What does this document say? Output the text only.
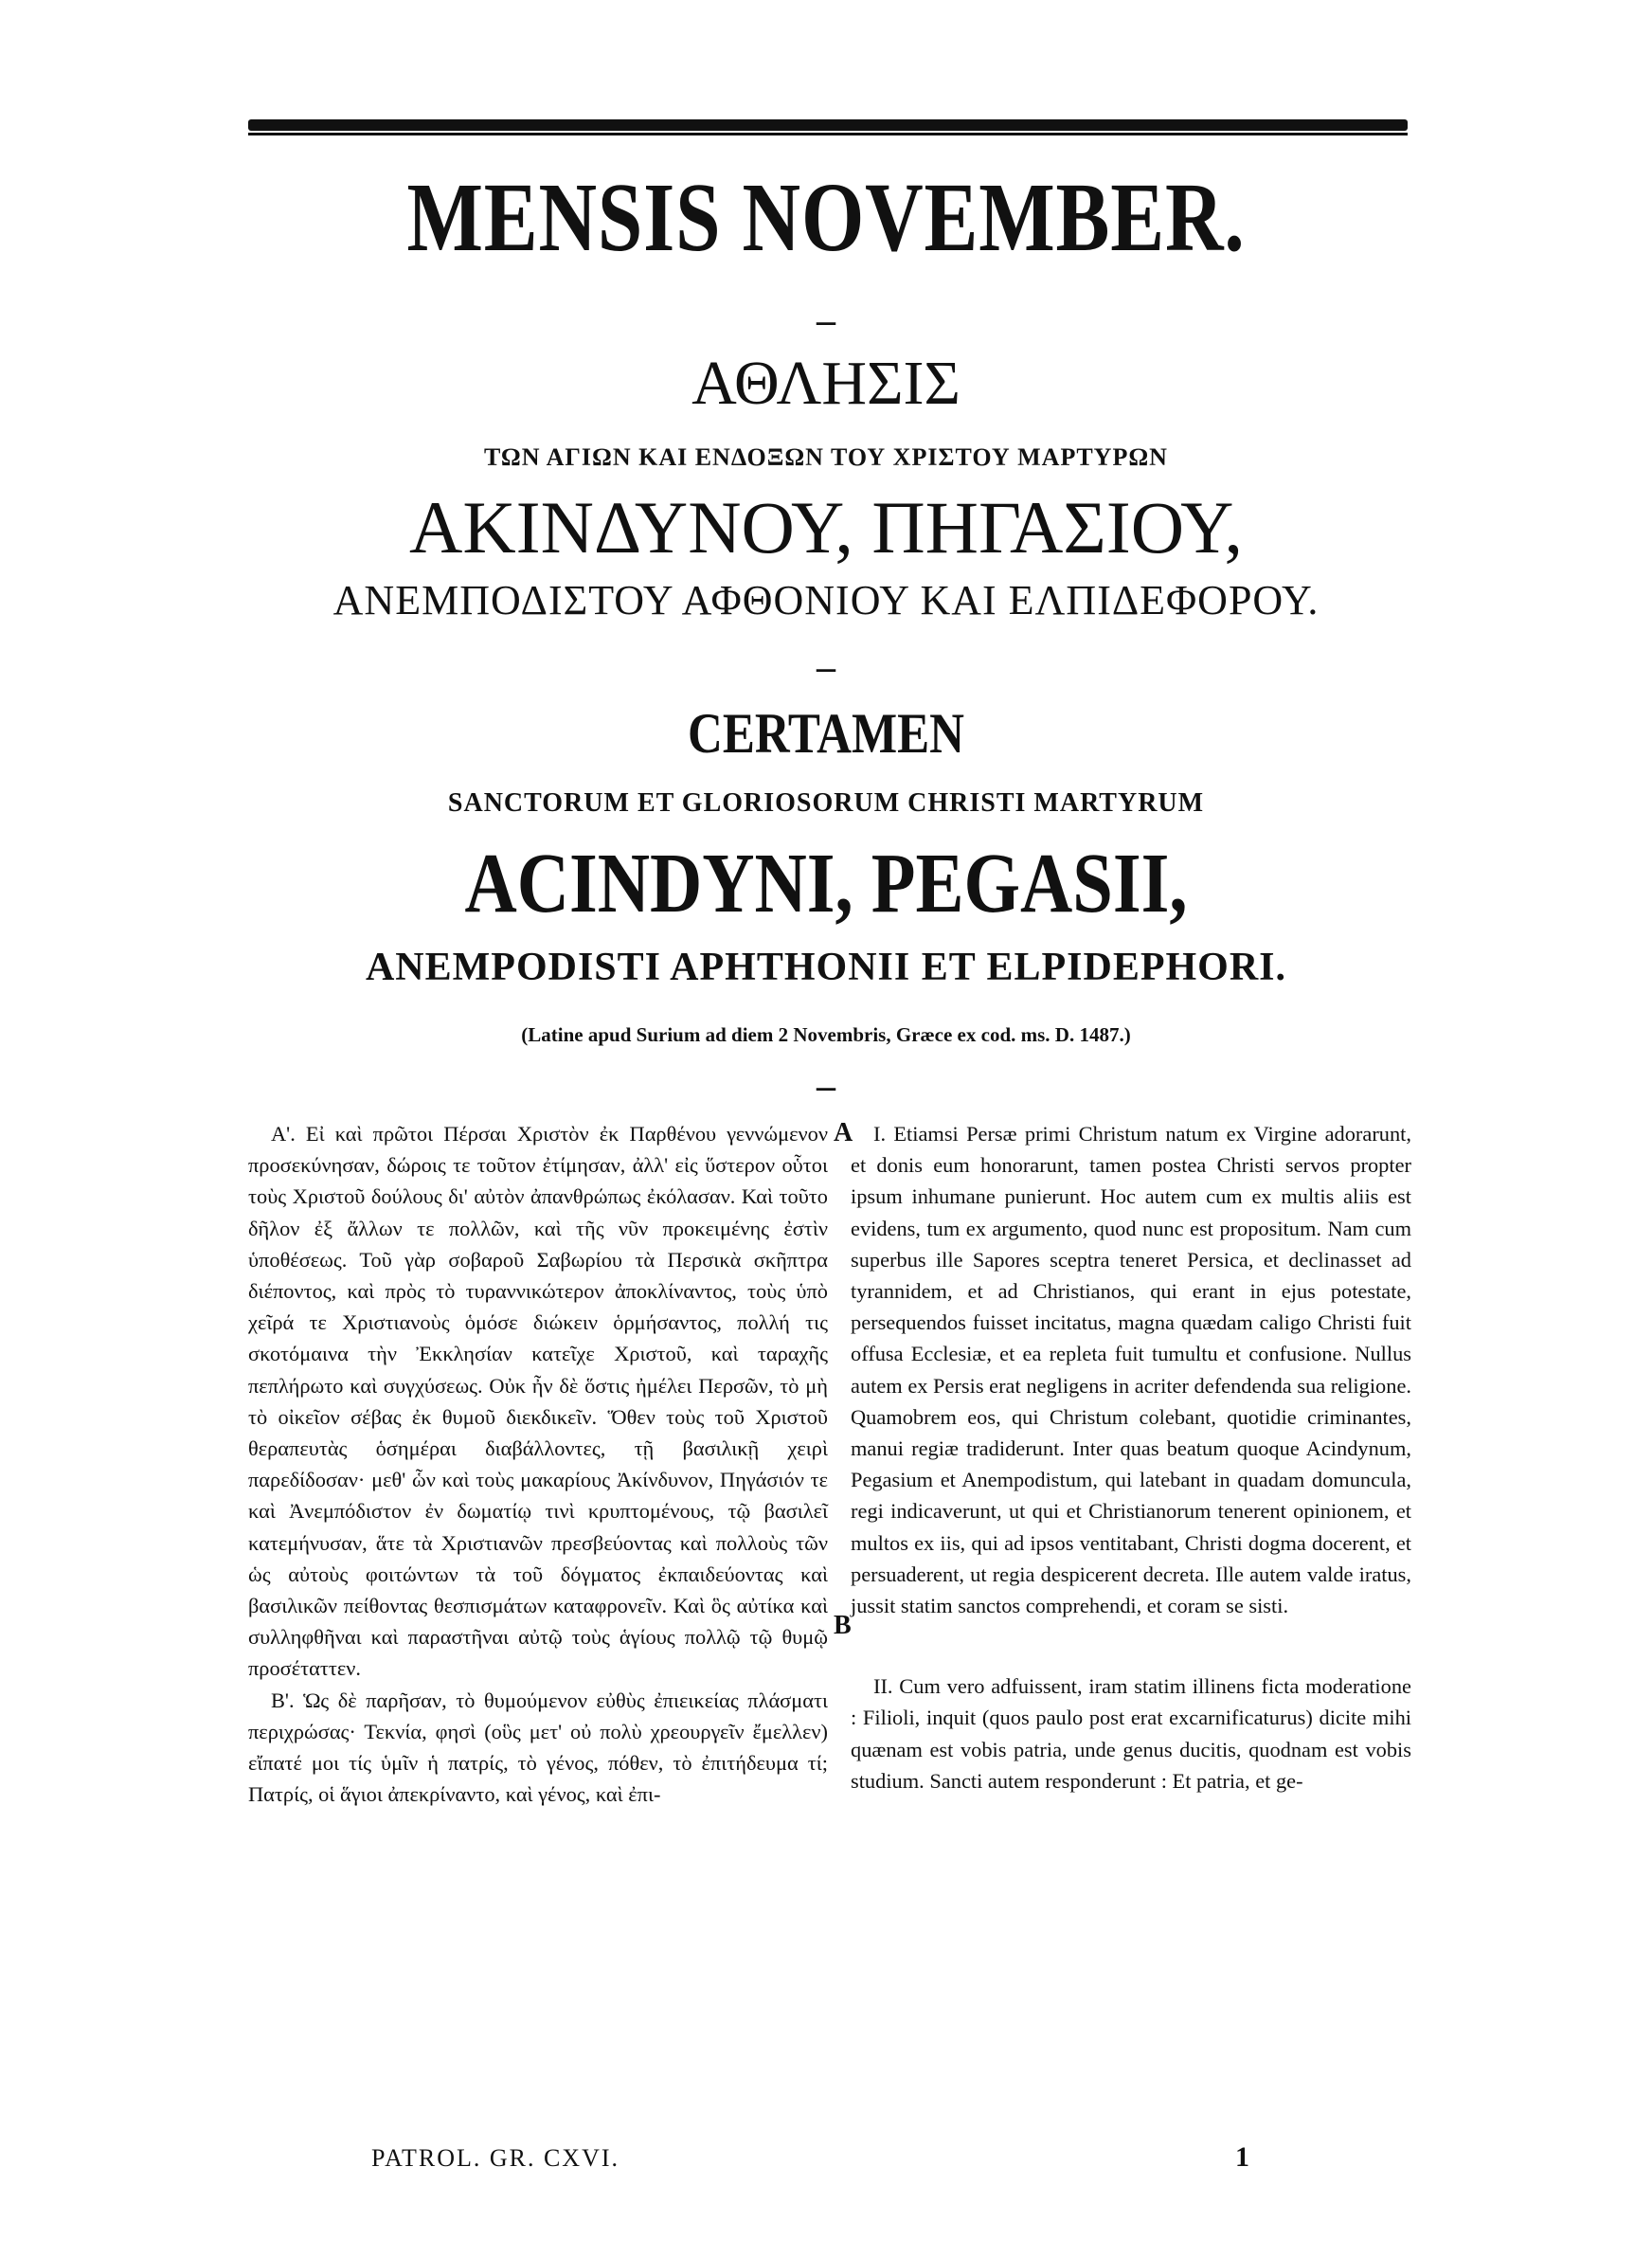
MENSIS NOVEMBER.
–
ΑΘΛΗΣΙΣ
ΤΩΝ ΑΓΙΩΝ ΚΑΙ ΕΝΔΟΞΩΝ ΤΟΥ ΧΡΙΣΤΟΥ ΜΑΡΤΥΡΩΝ
ΑΚΙΝΔΥΝΟΥ, ΠΗΓΑΣΙΟΥ,
ΑΝΕΜΠΟΔΙΣΤΟΥ ΑΦΘΟΝΙΟΥ ΚΑΙ ΕΛΠΙΔΕΦΟΡΟΥ.
–
CERTAMEN
SANCTORUM ET GLORIOSORUM CHRISTI MARTYRUM
ACINDYNI, PEGASII,
ANEMPODISTI APHTHONII ET ELPIDEPHORI.
(Latine apud Surium ad diem 2 Novembris, Græce ex cod. ms. D. 1487.)
–

Α'. Εἰ καὶ πρῶτοι Πέρσαι Χριστὸν ἐκ Παρθένου γεννώμενον προσεκύνησαν, δώροις τε τοῦτον ἐτίμησαν, ἀλλ' εἰς ὕστερον οὗτοι τοὺς Χριστοῦ δούλους δι' αὐτὸν ἀπανθρώπως ἐκόλασαν. Καὶ τοῦτο δῆλον ἐξ ἄλλων τε πολλῶν, καὶ τῆς νῦν προκειμένης ἐστὶν ὑποθέσεως. Τοῦ γὰρ σοβαροῦ Σαβωρίου τὰ Περσικὰ σκῆπτρα διέποντος, καὶ πρὸς τὸ τυραννικώτερον ἀποκλίναντος, τοὺς ὑπὸ χεῖρά τε Χριστιανοὺς ὁμόσε διώκειν ὁρμήσαντος, πολλή τις σκοτόμαινα τὴν Ἐκκλησίαν κατεῖχε Χριστοῦ, καὶ ταραχῆς πεπλήρωτο καὶ συγχύσεως. Οὐκ ἦν δὲ ὅστις ἠμέλει Περσῶν, τὸ μὴ τὸ οἰκεῖον σέβας ἐκ θυμοῦ διεκδικεῖν. Ὅθεν τοὺς τοῦ Χριστοῦ θεραπευτὰς ὁσημέραι διαβάλλοντες, τῇ βασιλικῇ χειρὶ παρεδίδοσαν· μεθ' ὧν καὶ τοὺς μακαρίους Ἀκίνδυνον, Πηγάσιόν τε καὶ Ἀνεμπόδιστον ἐν δωματίῳ τινὶ κρυπτομένους, τῷ βασιλεῖ κατεμήνυσαν, ἅτε τὰ Χριστιανῶν πρεσβεύοντας καὶ πολλοὺς τῶν ὡς αὐτοὺς φοιτώντων τὰ τοῦ δόγματος ἐκπαιδεύοντας καὶ βασιλικῶν πείθοντας θεσπισμάτων καταφρονεῖν. Καὶ ὃς αὐτίκα καὶ συλληφθῆναι καὶ παραστῆναι αὐτῷ τοὺς ἁγίους πολλῷ τῷ θυμῷ προσέταττεν.

Β'. Ὡς δὲ παρῆσαν, τὸ θυμούμενον εὐθὺς ἐπιεικείας πλάσματι περιχρώσας· Τεκνία, φησὶ (οὓς μετ' οὐ πολὺ χρεουργεῖν ἔμελλεν) εἴπατέ μοι τίς ὑμῖν ἡ πατρίς, τὸ γένος, πόθεν, τὸ ἐπιτήδευμα τί; Πατρίς, οἱ ἅγιοι ἀπεκρίναντο, καὶ γένος, καὶ ἐπι-

A
B

I. Etiamsi Persæ primi Christum natum ex Virgine adorarunt, et donis eum honorarunt, tamen postea Christi servos propter ipsum inhumane punierunt. Hoc autem cum ex multis aliis est evidens, tum ex argumento, quod nunc est propositum. Nam cum superbus ille Sapores sceptra teneret Persica, et declinasset ad tyrannidem, et ad Christianos, qui erant in ejus potestate, persequendos fuisset incitatus, magna quædam caligo Christi fuit offusa Ecclesiæ, et ea repleta fuit tumultu et confusione. Nullus autem ex Persis erat negligens in acriter defendenda sua religione. Quamobrem eos, qui Christum colebant, quotidie criminantes, manui regiæ tradiderunt. Inter quas beatum quoque Acindynum, Pegasium et Anempodistum, qui latebant in quadam domuncula, regi indicaverunt, ut qui et Christianorum tenerent opinionem, et multos ex iis, qui ad ipsos ventitabant, Christi dogma docerent, et persuaderent, ut regia despicerent decreta. Ille autem valde iratus, jussit statim sanctos comprehendi, et coram se sisti.

II. Cum vero adfuissent, iram statim illinens ficta moderatione : Filioli, inquit (quos paulo post erat excarnificaturus) dicite mihi quænam est vobis patria, unde genus ducitis, quodnam est vobis studium. Sancti autem responderunt : Et patria, et ge-

PATROL. GR. CXVI.	1
